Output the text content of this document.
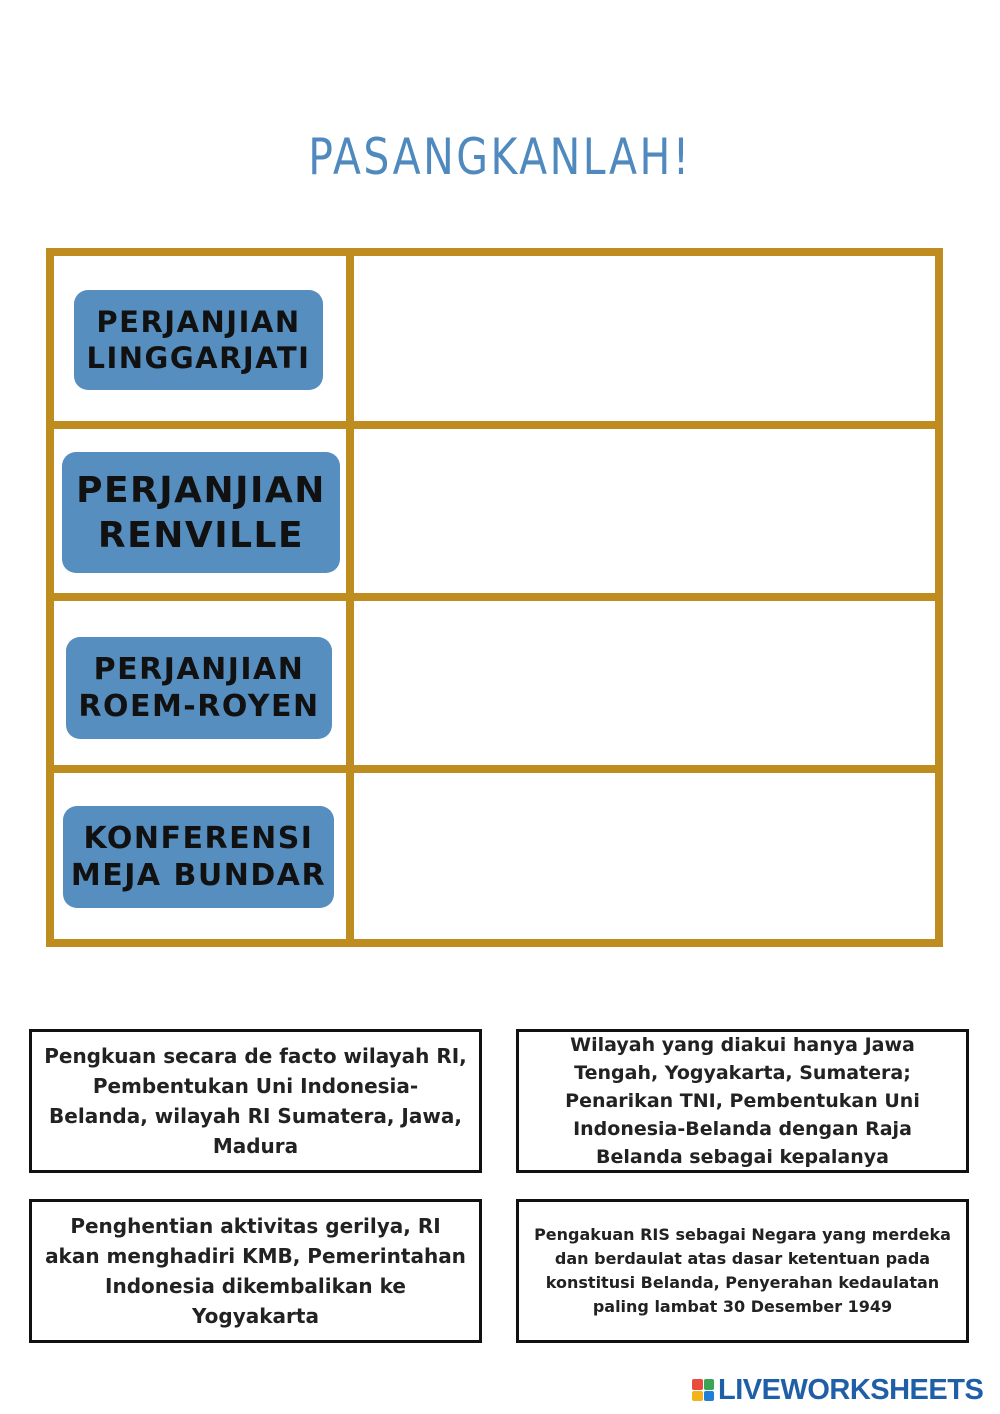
PASANGKANLAH!
PERJANJIAN
LINGGARJATI
PERJANJIAN
RENVILLE
PERJANJIAN
ROEM-ROYEN
KONFERENSI
MEJA BUNDAR
Pengkuan secara de facto wilayah RI, Pembentukan Uni Indonesia-Belanda, wilayah RI Sumatera, Jawa, Madura
Wilayah yang diakui hanya Jawa Tengah, Yogyakarta, Sumatera; Penarikan TNI, Pembentukan Uni Indonesia-Belanda dengan Raja Belanda sebagai kepalanya
Penghentian aktivitas gerilya, RI akan menghadiri KMB, Pemerintahan Indonesia dikembalikan ke Yogyakarta
Pengakuan RIS sebagai Negara yang merdeka dan berdaulat atas dasar ketentuan pada konstitusi Belanda, Penyerahan kedaulatan paling lambat 30 Desember 1949
LIVEWORKSHEETS
